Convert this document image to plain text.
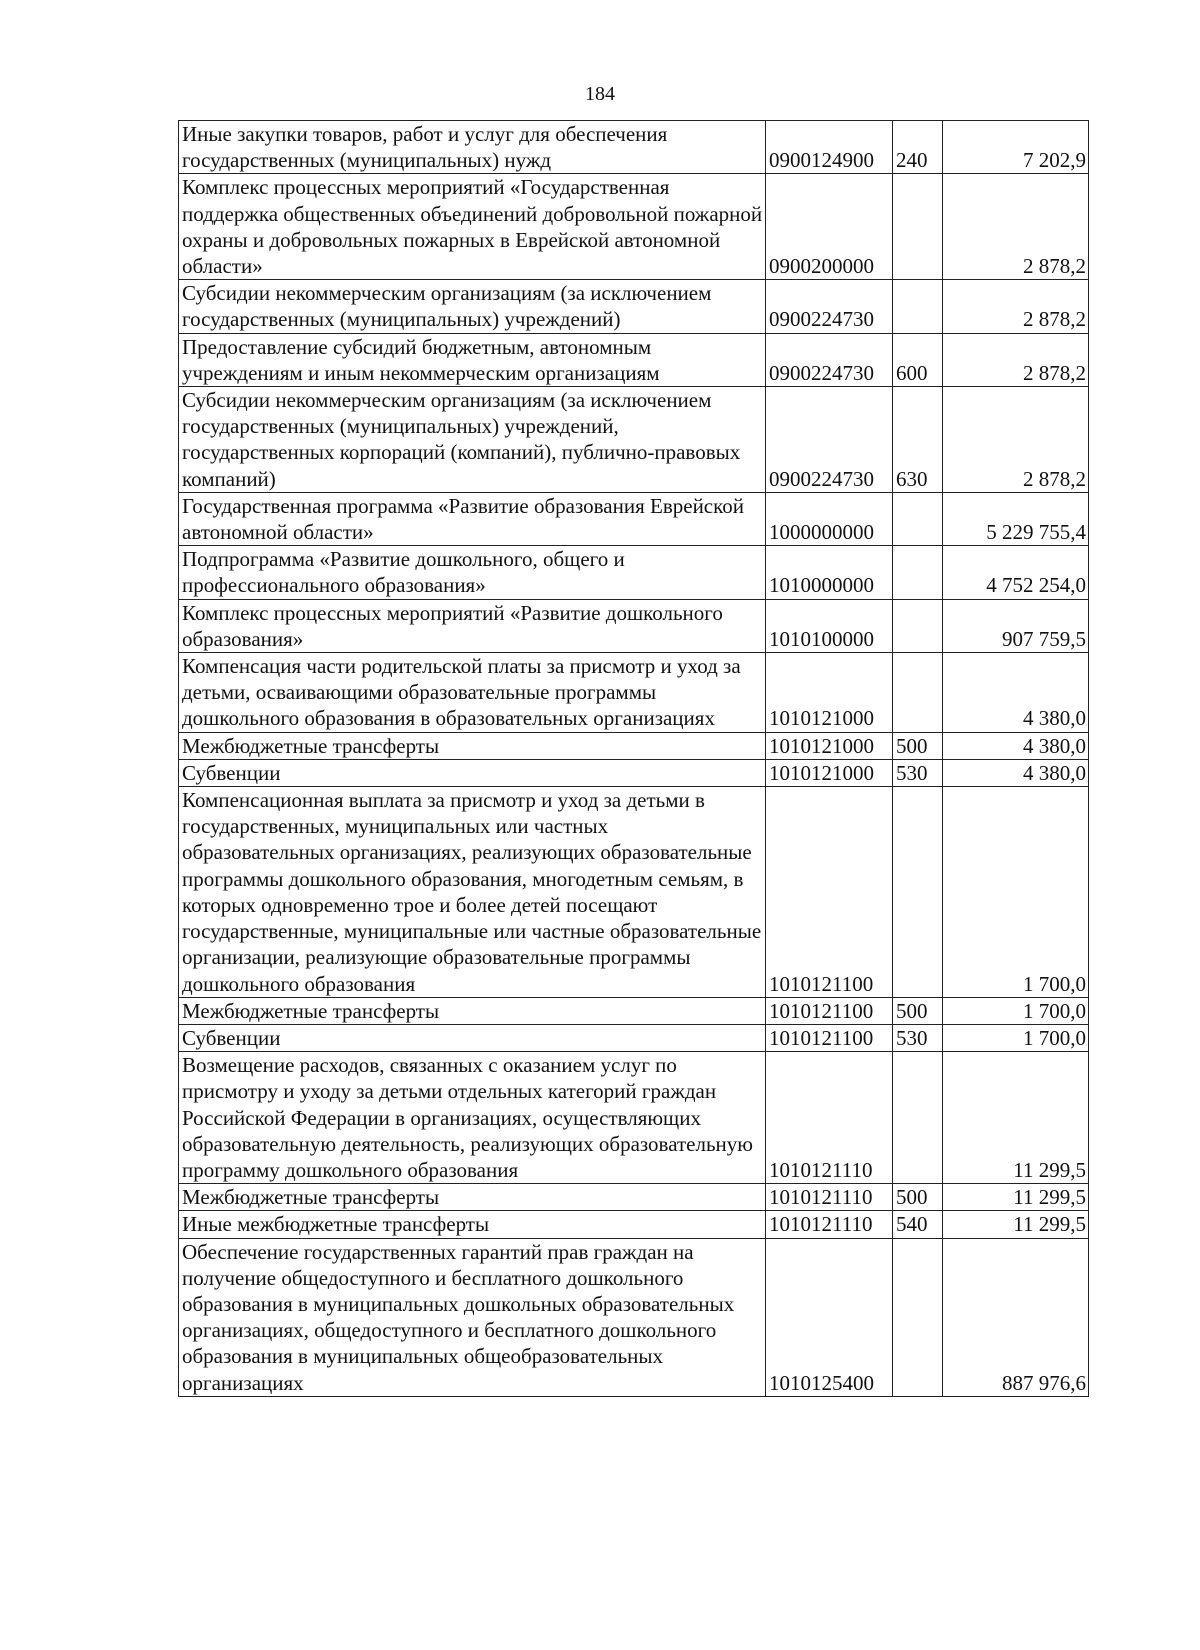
184
Иные закупки товаров, работ и услуг для обеспечения государственных (муниципальных) нужд	0900124900	240	7 202,9
Комплекс процессных мероприятий «Государственная поддержка общественных объединений добровольной пожарной охраны и добровольных пожарных в Еврейской автономной области»	0900200000		2 878,2
Субсидии некоммерческим организациям (за исключением государственных (муниципальных) учреждений)	0900224730		2 878,2
Предоставление субсидий бюджетным, автономным учреждениям и иным некоммерческим организациям	0900224730	600	2 878,2
Субсидии некоммерческим организациям (за исключением государственных (муниципальных) учреждений, государственных корпораций (компаний), публично-правовых компаний)	0900224730	630	2 878,2
Государственная программа «Развитие образования Еврейской автономной области»	1000000000		5 229 755,4
Подпрограмма «Развитие дошкольного, общего и профессионального образования»	1010000000		4 752 254,0
Комплекс процессных мероприятий «Развитие дошкольного образования»	1010100000		907 759,5
Компенсация части родительской платы за присмотр и уход за детьми, осваивающими образовательные программы дошкольного образования в образовательных организациях	1010121000		4 380,0
Межбюджетные трансферты	1010121000	500	4 380,0
Субвенции	1010121000	530	4 380,0
Компенсационная выплата за присмотр и уход за детьми в государственных, муниципальных или частных образовательных организациях, реализующих образовательные программы дошкольного образования, многодетным семьям, в которых одновременно трое и более детей посещают государственные, муниципальные или частные образовательные организации, реализующие образовательные программы дошкольного образования	1010121100		1 700,0
Межбюджетные трансферты	1010121100	500	1 700,0
Субвенции	1010121100	530	1 700,0
Возмещение расходов, связанных с оказанием услуг по присмотру и уходу за детьми отдельных категорий граждан Российской Федерации в организациях, осуществляющих образовательную деятельность, реализующих образовательную программу дошкольного образования	1010121110		11 299,5
Межбюджетные трансферты	1010121110	500	11 299,5
Иные межбюджетные трансферты	1010121110	540	11 299,5
Обеспечение государственных гарантий прав граждан на получение общедоступного и бесплатного дошкольного образования в муниципальных дошкольных образовательных организациях, общедоступного и бесплатного дошкольного образования в муниципальных общеобразовательных организациях	1010125400		887 976,6
